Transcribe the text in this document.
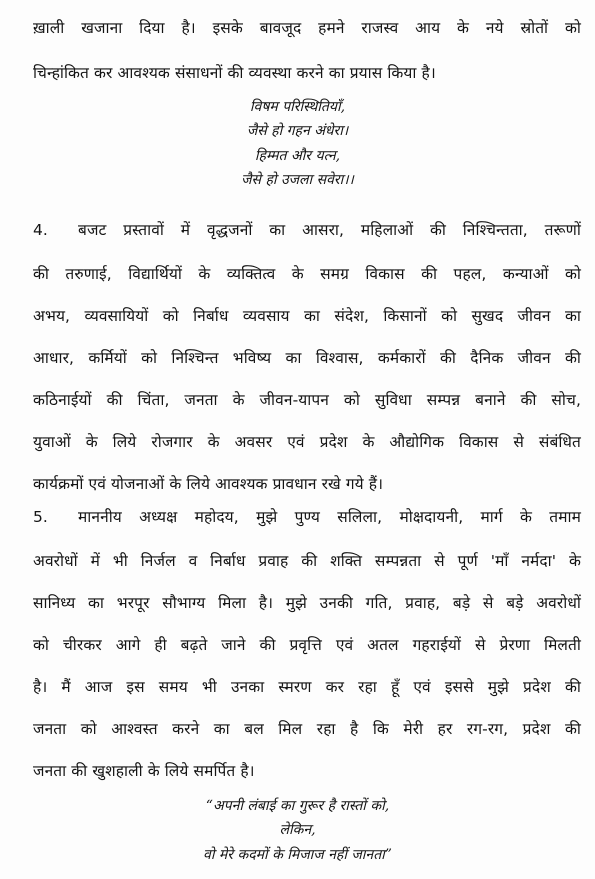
ख़ाली खजाना दिया है। इसके बावजूद हमने राजस्व आय के नये स्रोतों को
चिन्हांकित कर आवश्यक संसाधनों की व्यवस्था करने का प्रयास किया है।
विषम परिस्थितियाँ,
जैसे हो गहन अंधेरा।
हिम्मत और यत्न,
जैसे हो उजला सवेरा।।
4. बजट प्रस्तावों में वृद्धजनों का आसरा, महिलाओं की निश्चिन्तता, तरूणों
की तरुणाई, विद्यार्थियों के व्यक्तित्व के समग्र विकास की पहल, कन्याओं को
अभय, व्यवसायियों को निर्बाध व्यवसाय का संदेश, किसानों को सुखद जीवन का
आधार, कर्मियों को निश्चिन्त भविष्य का विश्वास, कर्मकारों की दैनिक जीवन की
कठिनाईयों की चिंता, जनता के जीवन-यापन को सुविधा सम्पन्न बनाने की सोच,
युवाओं के लिये रोजगार के अवसर एवं प्रदेश के औद्योगिक विकास से संबंधित
कार्यक्रमों एवं योजनाओं के लिये आवश्यक प्रावधान रखे गये हैं।
5. माननीय अध्यक्ष महोदय, मुझे पुण्य सलिला, मोक्षदायनी, मार्ग के तमाम
अवरोधों में भी निर्जल व निर्बाध प्रवाह की शक्ति सम्पन्नता से पूर्ण 'माँ नर्मदा' के
सानिध्य का भरपूर सौभाग्य मिला है। मुझे उनकी गति, प्रवाह, बड़े से बड़े अवरोधों
को चीरकर आगे ही बढ़ते जाने की प्रवृत्ति एवं अतल गहराईयों से प्रेरणा मिलती
है। मैं आज इस समय भी उनका स्मरण कर रहा हूँ एवं इससे मुझे प्रदेश की
जनता को आश्वस्त करने का बल मिल रहा है कि मेरी हर रग-रग, प्रदेश की
जनता की खुशहाली के लिये समर्पित है।
“अपनी लंबाई का गुरूर है रास्तों को,
लेकिन,
वो मेरे कदमों के मिजाज नहीं जानता”
